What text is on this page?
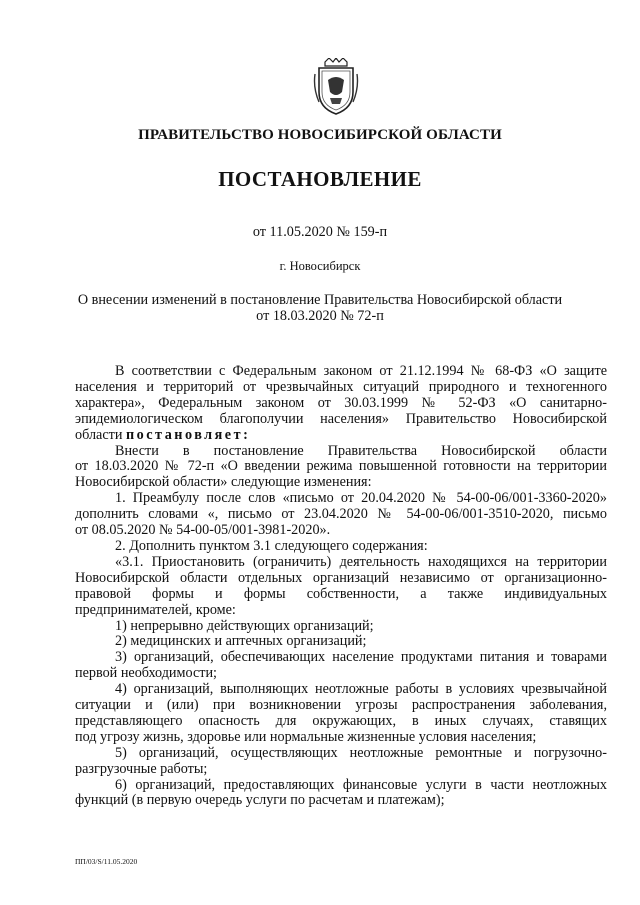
ПРАВИТЕЛЬСТВО НОВОСИБИРСКОЙ ОБЛАСТИ
ПОСТАНОВЛЕНИЕ
от 11.05.2020 № 159-п
г. Новосибирск
О внесении изменений в постановление Правительства Новосибирской области
от 18.03.2020 № 72-п
В соответствии с Федеральным законом от 21.12.1994 № 68-ФЗ «О защите
населения и территорий от чрезвычайных ситуаций природного и техногенного
характера», Федеральным законом от 30.03.1999 № 52-ФЗ «О санитарно-
эпидемиологическом благополучии населения» Правительство Новосибирской
области постановляет:
Внести в постановление Правительства Новосибирской области
от 18.03.2020 № 72-п «О введении режима повышенной готовности на территории
Новосибирской области» следующие изменения:
1. Преамбулу после слов «письмо от 20.04.2020 № 54-00-06/001-3360-2020»
дополнить словами «, письмо от 23.04.2020 № 54-00-06/001-3510-2020, письмо
от 08.05.2020 № 54-00-05/001-3981-2020».
2. Дополнить пунктом 3.1 следующего содержания:
«3.1. Приостановить (ограничить) деятельность находящихся на территории
Новосибирской области отдельных организаций независимо от организационно-
правовой формы и формы собственности, а также индивидуальных
предпринимателей, кроме:
1) непрерывно действующих организаций;
2) медицинских и аптечных организаций;
3) организаций, обеспечивающих население продуктами питания и товарами
первой необходимости;
4) организаций, выполняющих неотложные работы в условиях чрезвычайной
ситуации и (или) при возникновении угрозы распространения заболевания,
представляющего опасность для окружающих, в иных случаях, ставящих
под угрозу жизнь, здоровье или нормальные жизненные условия населения;
5) организаций, осуществляющих неотложные ремонтные и погрузочно-
разгрузочные работы;
6) организаций, предоставляющих финансовые услуги в части неотложных
функций (в первую очередь услуги по расчетам и платежам);
ПП/03/S/11.05.2020
